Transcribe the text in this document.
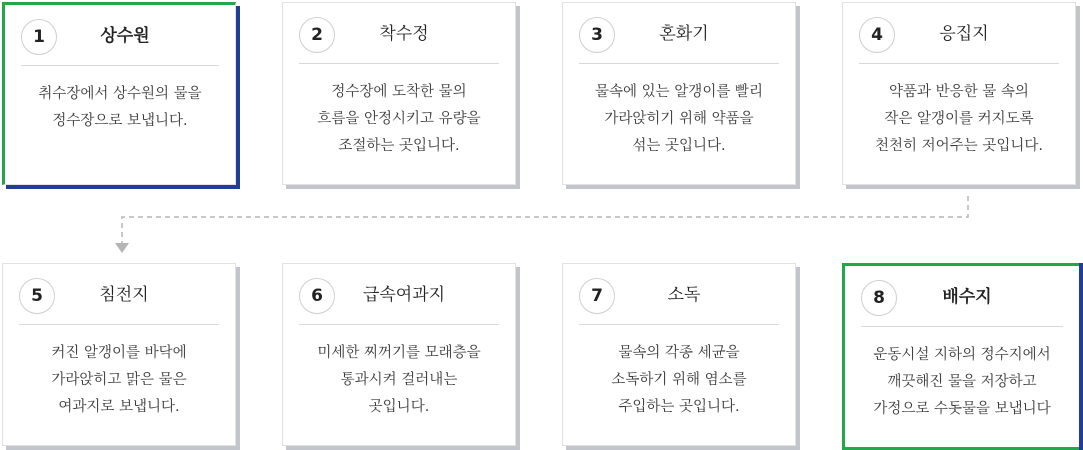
1	상수원
취수장에서 상수원의 물을
정수장으로 보냅니다.
2	착수정
정수장에 도착한 물의
흐름을 안정시키고 유량을
조절하는 곳입니다.
3	혼화기
물속에 있는 알갱이를 빨리
가라앉히기 위해 약품을
섞는 곳입니다.
4	응집지
약품과 반응한 물 속의
작은 알갱이를 커지도록
천천히 저어주는 곳입니다.
5	침전지
커진 알갱이를 바닥에
가라앉히고 맑은 물은
여과지로 보냅니다.
6	급속여과지
미세한 찌꺼기를 모래층을
통과시켜 걸러내는
곳입니다.
7	소독
물속의 각종 세균을
소독하기 위해 염소를
주입하는 곳입니다.
8	배수지
운동시설 지하의 정수지에서
깨끗해진 물을 저장하고
가정으로 수돗물을 보냅니다
